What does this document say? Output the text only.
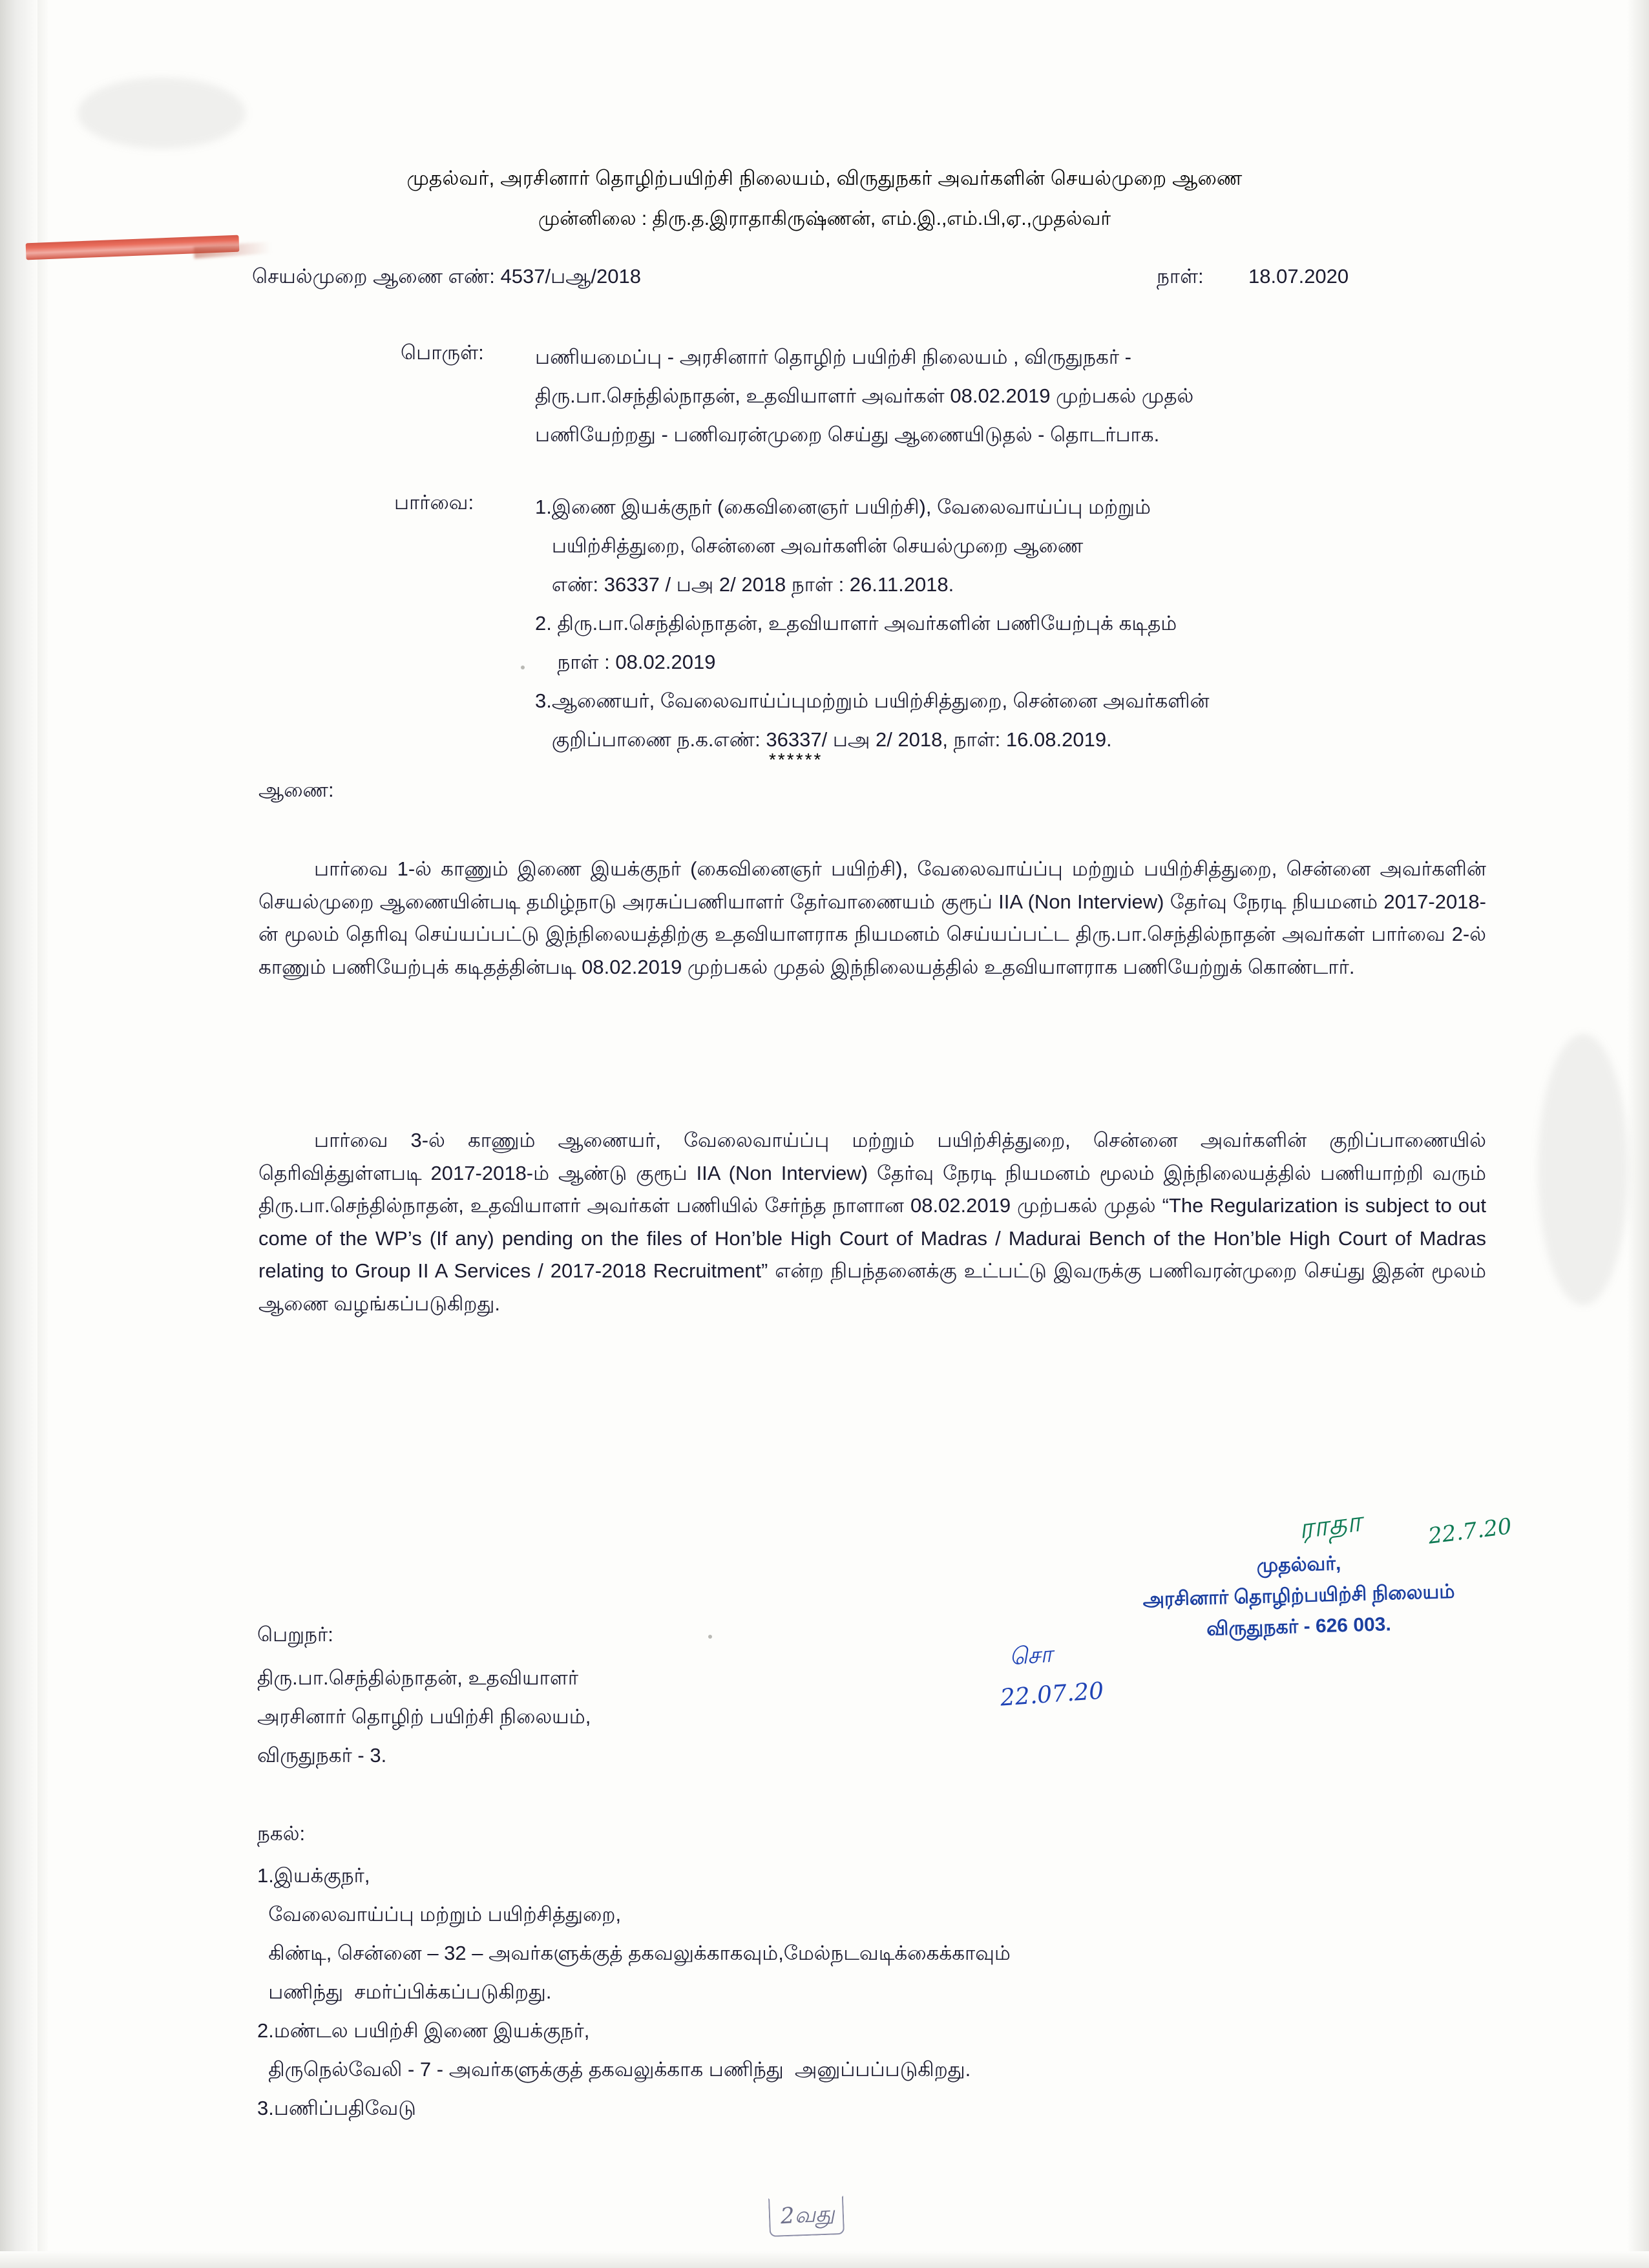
முதல்வர், அரசினார் தொழிற்பயிற்சி நிலையம், விருதுநகர் அவர்களின் செயல்முறை ஆணை
முன்னிலை : திரு.த.இராதாகிருஷ்ணன், எம்.இ.,எம்.பி,ஏ.,முதல்வர்
செயல்முறை ஆணை எண்: 4537/பஆ/2018	நாள்: 18.07.2020
பொருள்:	பணியமைப்பு - அரசினார் தொழிற் பயிற்சி நிலையம் , விருதுநகர் -
திரு.பா.செந்தில்நாதன், உதவியாளர் அவர்கள் 08.02.2019 முற்பகல் முதல்
பணியேற்றது - பணிவரன்முறை செய்து ஆணையிடுதல் - தொடர்பாக.
பார்வை:	1.இணை இயக்குநர் (கைவினைஞர் பயிற்சி), வேலைவாய்ப்பு மற்றும்
பயிற்சித்துறை, சென்னை அவர்களின் செயல்முறை ஆணை
எண்: 36337 / பஅ 2/ 2018 நாள் : 26.11.2018.
2. திரு.பா.செந்தில்நாதன், உதவியாளர் அவர்களின் பணியேற்புக் கடிதம்
நாள் : 08.02.2019
3.ஆணையர், வேலைவாய்ப்புமற்றும் பயிற்சித்துறை, சென்னை அவர்களின்
குறிப்பாணை ந.க.எண்: 36337/ பஅ 2/ 2018, நாள்: 16.08.2019.
******
ஆணை:
பார்வை 1-ல் காணும் இணை இயக்குநர் (கைவினைஞர் பயிற்சி), வேலைவாய்ப்பு மற்றும் பயிற்சித்துறை, சென்னை அவர்களின் செயல்முறை ஆணையின்படி தமிழ்நாடு அரசுப்பணியாளர் தேர்வாணையம் குரூப் IIA (Non Interview) தேர்வு நேரடி நியமனம் 2017-2018-ன் மூலம் தெரிவு செய்யப்பட்டு இந்நிலையத்திற்கு உதவியாளராக நியமனம் செய்யப்பட்ட திரு.பா.செந்தில்நாதன் அவர்கள் பார்வை 2-ல் காணும் பணியேற்புக் கடிதத்தின்படி 08.02.2019 முற்பகல் முதல் இந்நிலையத்தில் உதவியாளராக பணியேற்றுக் கொண்டார்.
பார்வை 3-ல் காணும் ஆணையர், வேலைவாய்ப்பு மற்றும் பயிற்சித்துறை, சென்னை அவர்களின் குறிப்பாணையில் தெரிவித்துள்ளபடி 2017-2018-ம் ஆண்டு குரூப் IIA (Non Interview) தேர்வு நேரடி நியமனம் மூலம் இந்நிலையத்தில் பணியாற்றி வரும் திரு.பா.செந்தில்நாதன், உதவியாளர் அவர்கள் பணியில் சேர்ந்த நாளான 08.02.2019 முற்பகல் முதல் “The Regularization is subject to out come of the WP’s (If any) pending on the files of Hon’ble High Court of Madras / Madurai Bench of the Hon’ble High Court of Madras relating to Group II A Services / 2017-2018 Recruitment” என்ற நிபந்தனைக்கு உட்பட்டு இவருக்கு பணிவரன்முறை செய்து இதன் மூலம் ஆணை வழங்கப்படுகிறது.
ராதா	22.7.20
முதல்வர்,
அரசினார் தொழிற்பயிற்சி நிலையம்
விருதுநகர் - 626 003.
சொ
22.07.20
பெறுநர்:
திரு.பா.செந்தில்நாதன், உதவியாளர்
அரசினார் தொழிற் பயிற்சி நிலையம்,
விருதுநகர் - 3.
நகல்:
1.இயக்குநர்,
வேலைவாய்ப்பு மற்றும் பயிற்சித்துறை,
கிண்டி, சென்னை – 32 – அவர்களுக்குத் தகவலுக்காகவும்,மேல்நடவடிக்கைக்காவும்
பணிந்து  சமர்ப்பிக்கப்படுகிறது.
2.மண்டல பயிற்சி இணை இயக்குநர்,
திருநெல்வேலி - 7 - அவர்களுக்குத் தகவலுக்காக பணிந்து  அனுப்பப்படுகிறது.
3.பணிப்பதிவேடு
2வது
